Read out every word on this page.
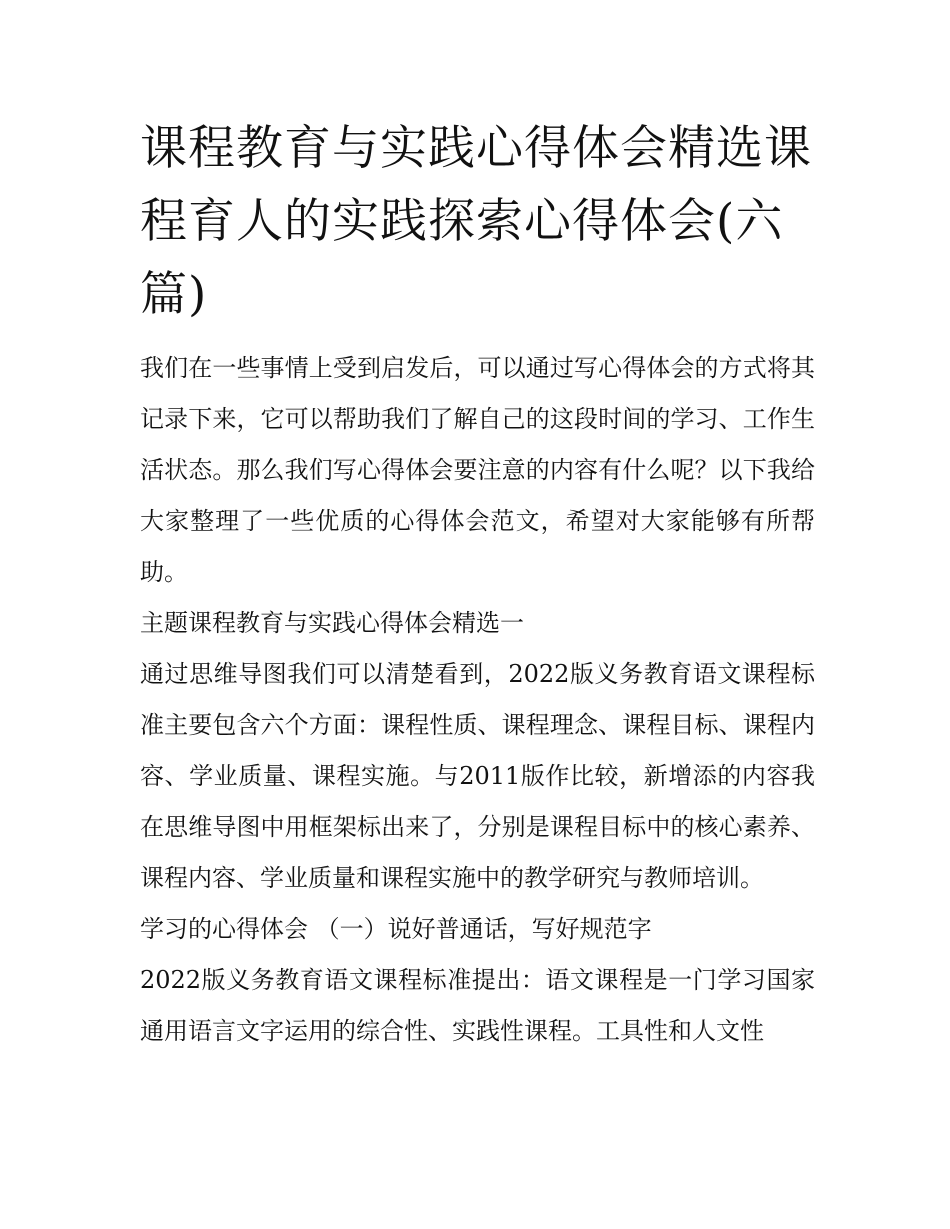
课程教育与实践心得体会精选课程育人的实践探索心得体会(六篇)

我们在一些事情上受到启发后，可以通过写心得体会的方式将其记录下来，它可以帮助我们了解自己的这段时间的学习、工作生活状态。那么我们写心得体会要注意的内容有什么呢？以下我给大家整理了一些优质的心得体会范文，希望对大家能够有所帮助。

主题课程教育与实践心得体会精选一

通过思维导图我们可以清楚看到，2022版义务教育语文课程标准主要包含六个方面：课程性质、课程理念、课程目标、课程内容、学业质量、课程实施。与2011版作比较，新增添的内容我在思维导图中用框架标出来了，分别是课程目标中的核心素养、课程内容、学业质量和课程实施中的教学研究与教师培训。

学习的心得体会 （一）说好普通话，写好规范字

2022版义务教育语文课程标准提出：语文课程是一门学习国家通用语言文字运用的综合性、实践性课程。工具性和人文性
